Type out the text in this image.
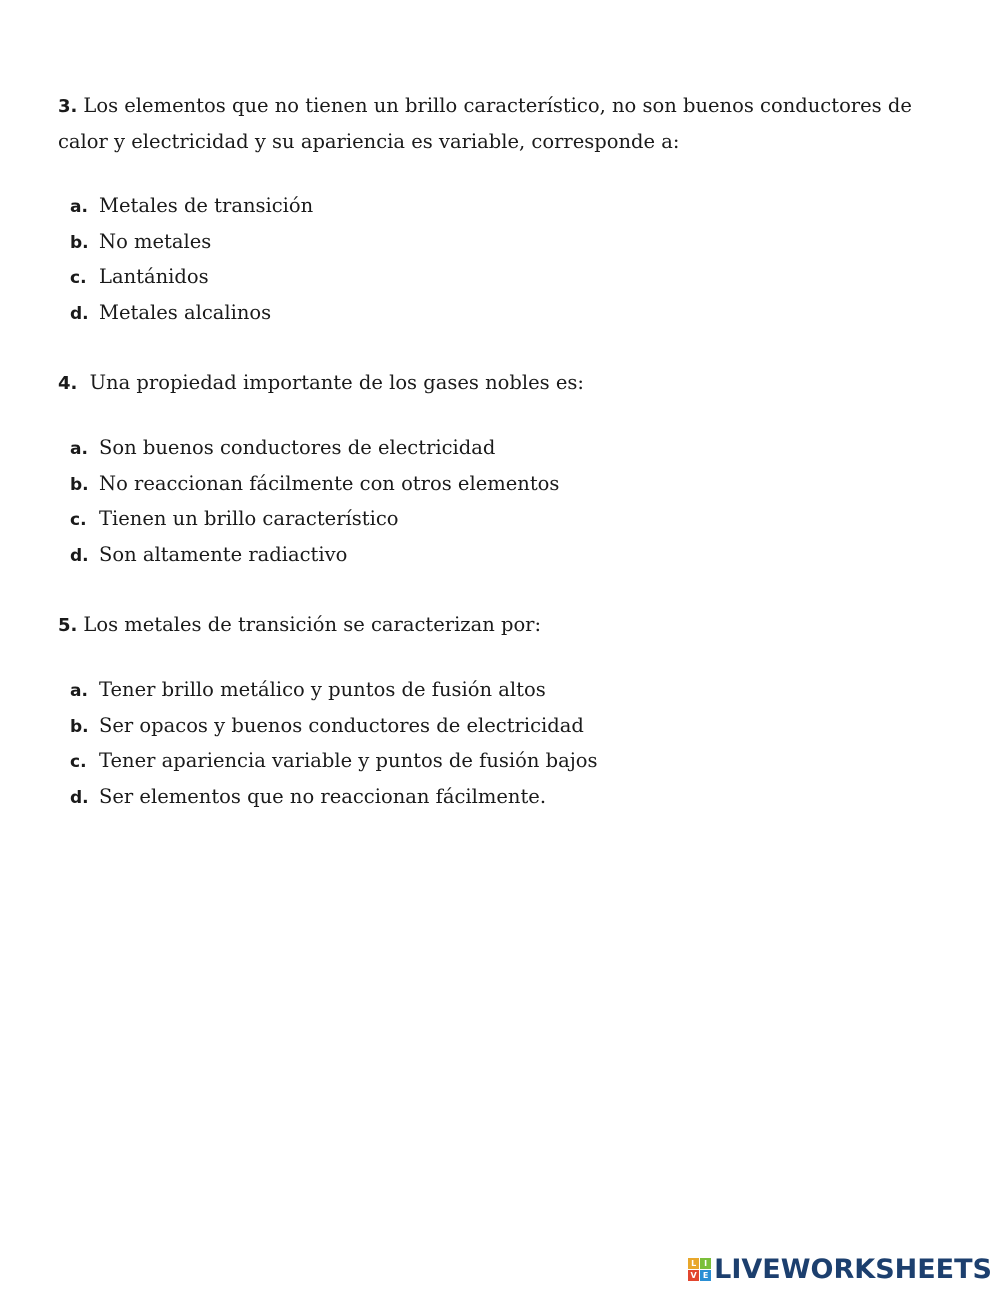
3. Los elementos que no tienen un brillo característico, no son buenos conductores de calor y electricidad y su apariencia es variable, corresponde a:

a. Metales de transición
b. No metales
c. Lantánidos
d. Metales alcalinos

4. Una propiedad importante de los gases nobles es:

a. Son buenos conductores de electricidad
b. No reaccionan fácilmente con otros elementos
c. Tienen un brillo característico
d. Son altamente radiactivo

5. Los metales de transición se caracterizan por:

a. Tener brillo metálico y puntos de fusión altos
b. Ser opacos y buenos conductores de electricidad
c. Tener apariencia variable y puntos de fusión bajos
d. Ser elementos que no reaccionan fácilmente.
L I
V E LIVEWORKSHEETS
